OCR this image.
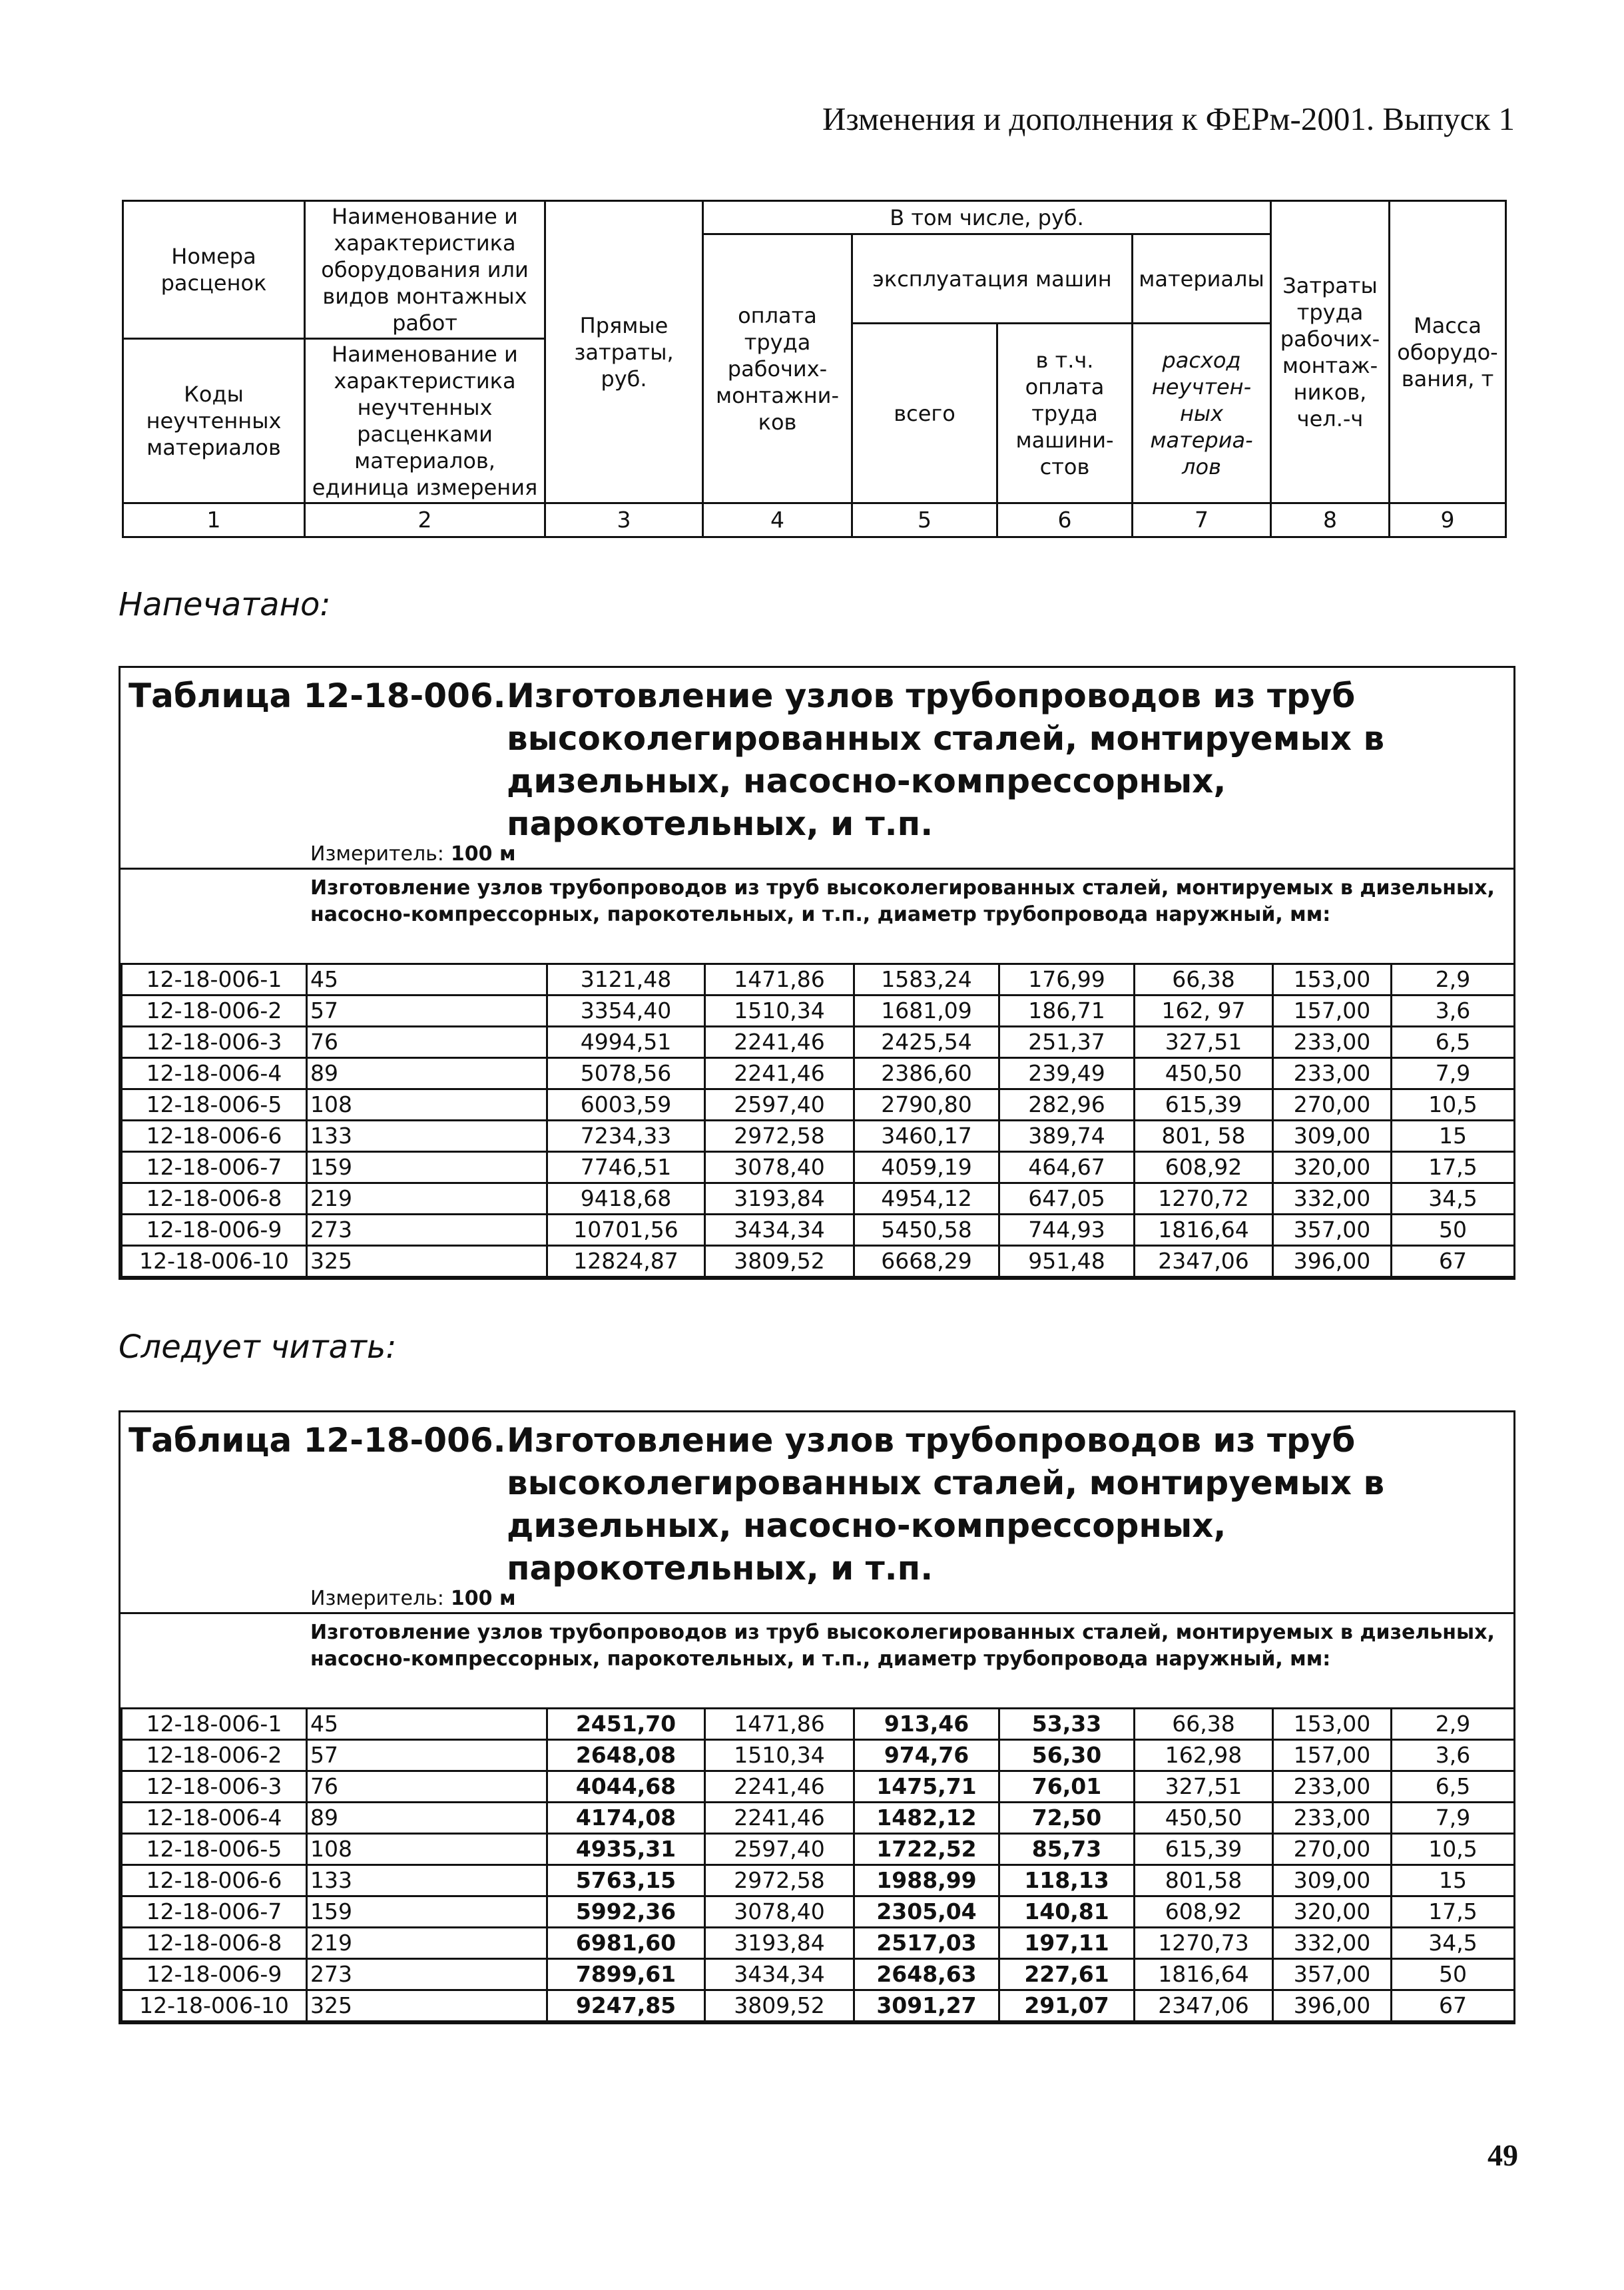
Изменения и дополнения к ФЕРм-2001. Выпуск 1
Номера расценок	Наименование и характеристика оборудования или видов монтажных работ	Прямые затраты, руб.	В том числе, руб.				Затраты труда рабочих-монтаж-ников, чел.-ч	Масса оборудо-вания, т
			оплата труда рабочих-монтажни-ков	эксплуатация машин		материалы		
				всего	в т.ч. оплата труда машини-стов	расход неучтен-ных материа-лов		
Коды неучтенных материалов	Наименование и характеристика неучтенных расценками материалов, единица измерения							

1	2	3	4	5	6	7	8	9
Напечатано:
Таблица 12-18-006. Изготовление узлов трубопроводов из труб высоколегированных сталей, монтируемых в дизельных, насосно-компрессорных, парокотельных, и т.п.
Измеритель: 100 м
Изготовление узлов трубопроводов из труб высоколегированных сталей, монтируемых в дизельных, насосно-компрессорных, парокотельных, и т.п., диаметр трубопровода наружный, мм:
12-18-006-1	45	3121,48	1471,86	1583,24	176,99	66,38	153,00	2,9
12-18-006-2	57	3354,40	1510,34	1681,09	186,71	162, 97	157,00	3,6
12-18-006-3	76	4994,51	2241,46	2425,54	251,37	327,51	233,00	6,5
12-18-006-4	89	5078,56	2241,46	2386,60	239,49	450,50	233,00	7,9
12-18-006-5	108	6003,59	2597,40	2790,80	282,96	615,39	270,00	10,5
12-18-006-6	133	7234,33	2972,58	3460,17	389,74	801, 58	309,00	15
12-18-006-7	159	7746,51	3078,40	4059,19	464,67	608,92	320,00	17,5
12-18-006-8	219	9418,68	3193,84	4954,12	647,05	1270,72	332,00	34,5
12-18-006-9	273	10701,56	3434,34	5450,58	744,93	1816,64	357,00	50
12-18-006-10	325	12824,87	3809,52	6668,29	951,48	2347,06	396,00	67
Следует читать:
Таблица 12-18-006. Изготовление узлов трубопроводов из труб высоколегированных сталей, монтируемых в дизельных, насосно-компрессорных, парокотельных, и т.п.
Измеритель: 100 м
Изготовление узлов трубопроводов из труб высоколегированных сталей, монтируемых в дизельных, насосно-компрессорных, парокотельных, и т.п., диаметр трубопровода наружный, мм:
12-18-006-1	45	2451,70	1471,86	913,46	53,33	66,38	153,00	2,9
12-18-006-2	57	2648,08	1510,34	974,76	56,30	162,98	157,00	3,6
12-18-006-3	76	4044,68	2241,46	1475,71	76,01	327,51	233,00	6,5
12-18-006-4	89	4174,08	2241,46	1482,12	72,50	450,50	233,00	7,9
12-18-006-5	108	4935,31	2597,40	1722,52	85,73	615,39	270,00	10,5
12-18-006-6	133	5763,15	2972,58	1988,99	118,13	801,58	309,00	15
12-18-006-7	159	5992,36	3078,40	2305,04	140,81	608,92	320,00	17,5
12-18-006-8	219	6981,60	3193,84	2517,03	197,11	1270,73	332,00	34,5
12-18-006-9	273	7899,61	3434,34	2648,63	227,61	1816,64	357,00	50
12-18-006-10	325	9247,85	3809,52	3091,27	291,07	2347,06	396,00	67
49
